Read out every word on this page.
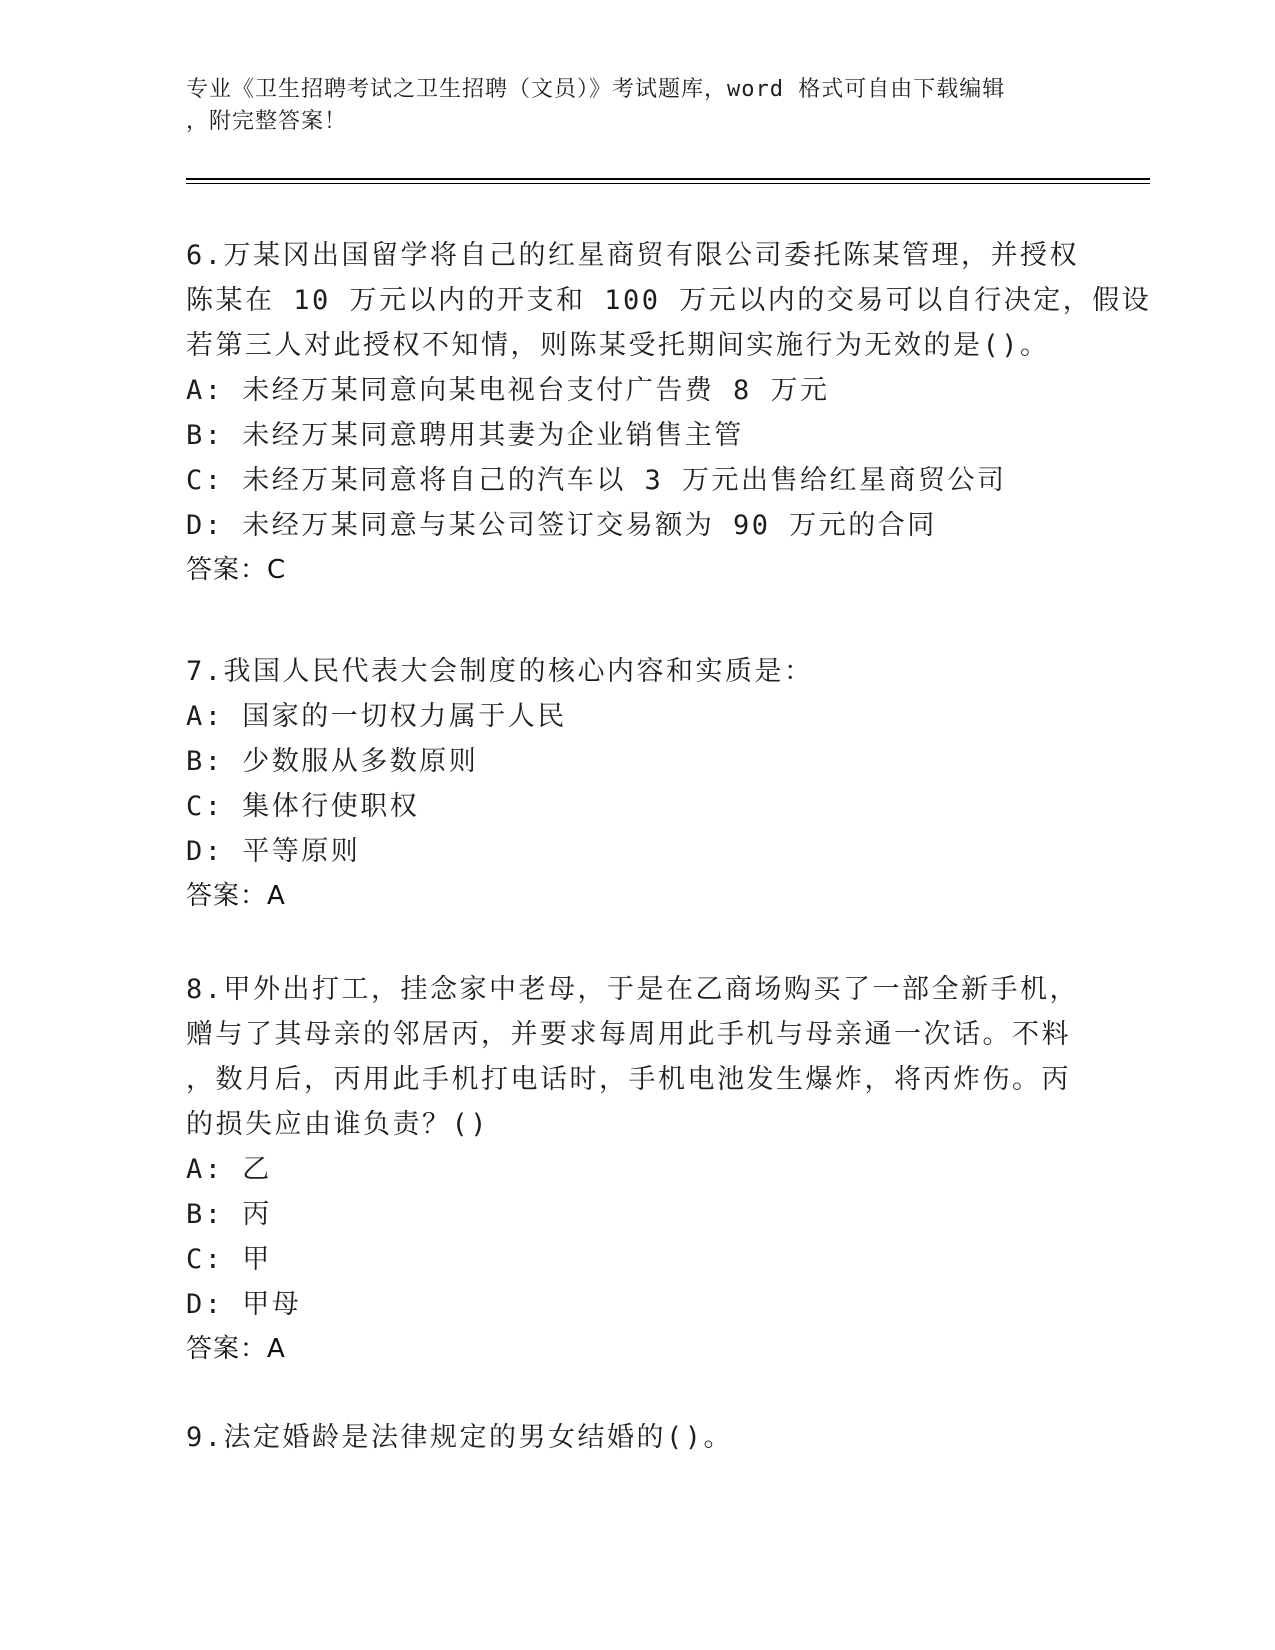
专业《卫生招聘考试之卫生招聘（文员）》考试题库，word 格式可自由下载编辑
，附完整答案！
6.万某冈出国留学将自己的红星商贸有限公司委托陈某管理，并授权
陈某在 10 万元以内的开支和 100 万元以内的交易可以自行决定，假设
若第三人对此授权不知情，则陈某受托期间实施行为无效的是()。
A: 未经万某同意向某电视台支付广告费 8 万元
B: 未经万某同意聘用其妻为企业销售主管
C: 未经万某同意将自己的汽车以 3 万元出售给红星商贸公司
D: 未经万某同意与某公司签订交易额为 90 万元的合同
答案：C
7.我国人民代表大会制度的核心内容和实质是：
A: 国家的一切权力属于人民
B: 少数服从多数原则
C: 集体行使职权
D: 平等原则
答案：A
8.甲外出打工，挂念家中老母，于是在乙商场购买了一部全新手机，
赠与了其母亲的邻居丙，并要求每周用此手机与母亲通一次话。不料
，数月后，丙用此手机打电话时，手机电池发生爆炸，将丙炸伤。丙
的损失应由谁负责？()
A: 乙
B: 丙
C: 甲
D: 甲母
答案：A
9.法定婚龄是法律规定的男女结婚的()。
